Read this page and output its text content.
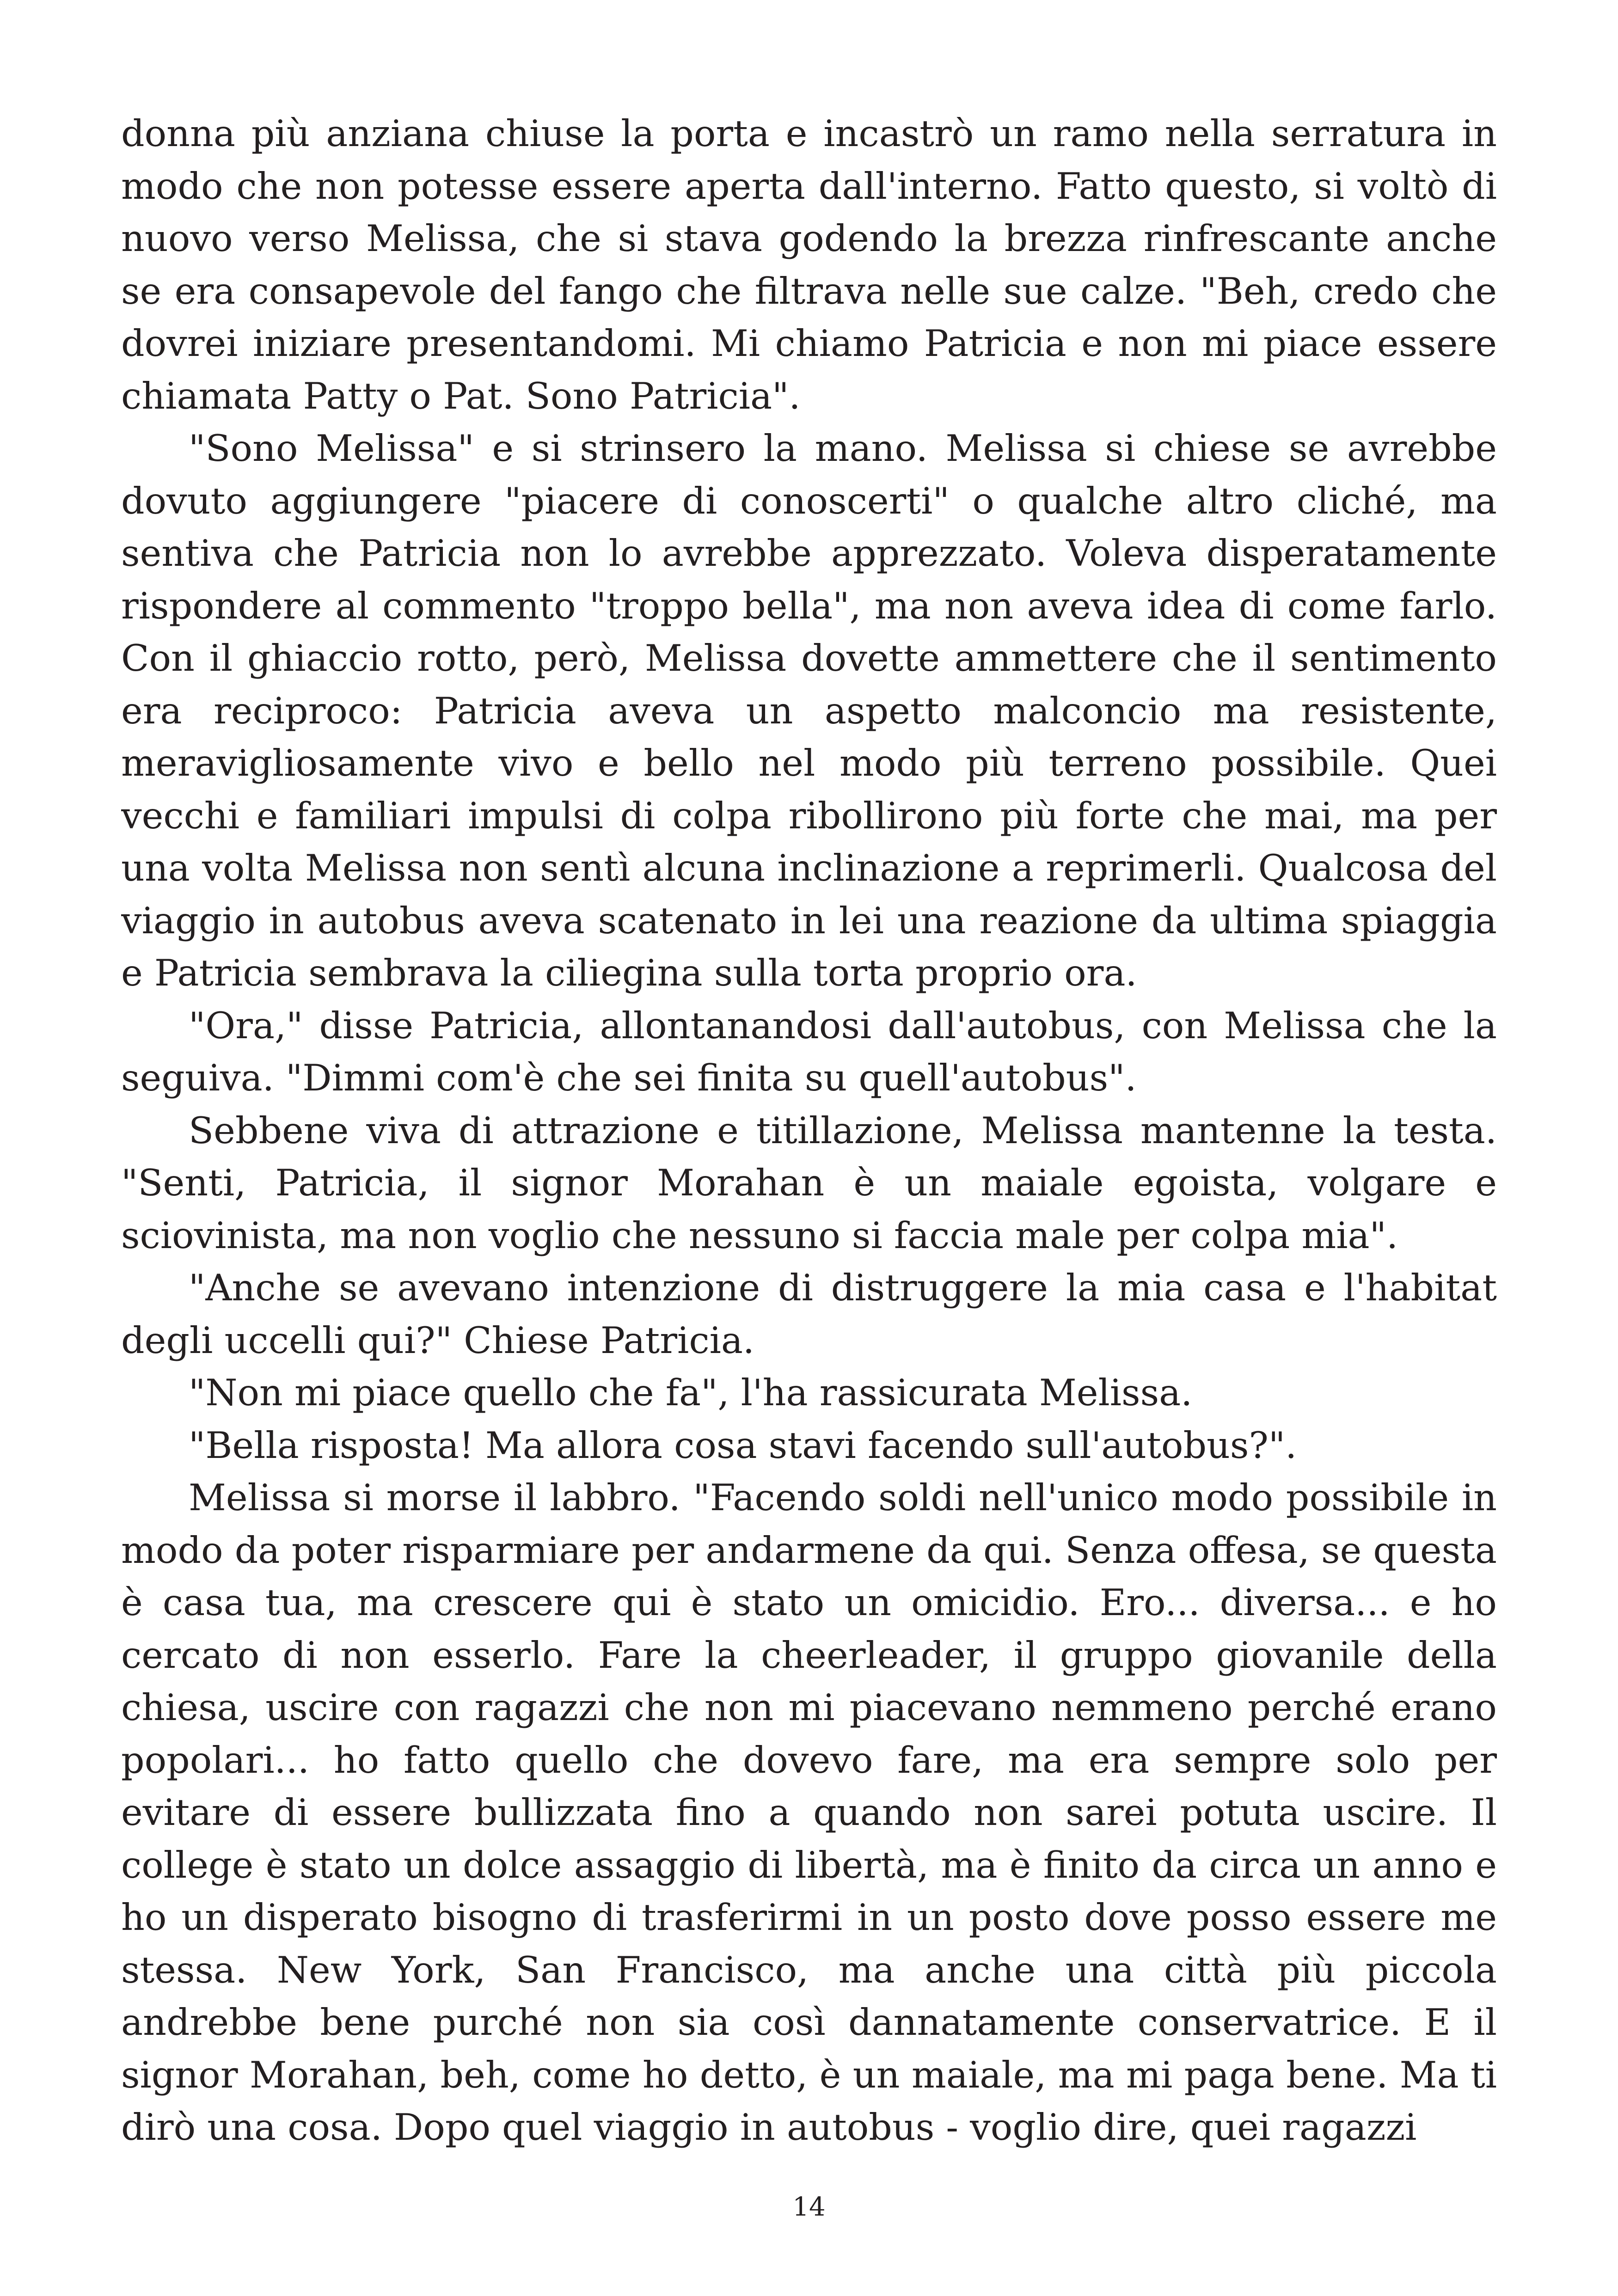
donna più anziana chiuse la porta e incastrò un ramo nella serratura in modo che non potesse essere aperta dall'interno. Fatto questo, si voltò di nuovo verso Melissa, che si stava godendo la brezza rinfrescante anche se era consapevole del fango che filtrava nelle sue calze. "Beh, credo che dovrei iniziare presentandomi. Mi chiamo Patricia e non mi piace essere chiamata Patty o Pat. Sono Patricia".

"Sono Melissa" e si strinsero la mano. Melissa si chiese se avrebbe dovuto aggiungere "piacere di conoscerti" o qualche altro cliché, ma sentiva che Patricia non lo avrebbe apprezzato. Voleva disperatamente rispondere al commento "troppo bella", ma non aveva idea di come farlo. Con il ghiaccio rotto, però, Melissa dovette ammettere che il sentimento era reciproco: Patricia aveva un aspetto malconcio ma resistente, meravigliosamente vivo e bello nel modo più terreno possibile. Quei vecchi e familiari impulsi di colpa ribollirono più forte che mai, ma per una volta Melissa non sentì alcuna inclinazione a reprimerli. Qualcosa del viaggio in autobus aveva scatenato in lei una reazione da ultima spiaggia e Patricia sembrava la ciliegina sulla torta proprio ora.

"Ora," disse Patricia, allontanandosi dall'autobus, con Melissa che la seguiva. "Dimmi com'è che sei finita su quell'autobus".

Sebbene viva di attrazione e titillazione, Melissa mantenne la testa. "Senti, Patricia, il signor Morahan è un maiale egoista, volgare e sciovinista, ma non voglio che nessuno si faccia male per colpa mia".

"Anche se avevano intenzione di distruggere la mia casa e l'habitat degli uccelli qui?" Chiese Patricia.

"Non mi piace quello che fa", l'ha rassicurata Melissa.

"Bella risposta! Ma allora cosa stavi facendo sull'autobus?".

Melissa si morse il labbro. "Facendo soldi nell'unico modo possibile in modo da poter risparmiare per andarmene da qui. Senza offesa, se questa è casa tua, ma crescere qui è stato un omicidio. Ero... diversa... e ho cercato di non esserlo. Fare la cheerleader, il gruppo giovanile della chiesa, uscire con ragazzi che non mi piacevano nemmeno perché erano popolari... ho fatto quello che dovevo fare, ma era sempre solo per evitare di essere bullizzata fino a quando non sarei potuta uscire. Il college è stato un dolce assaggio di libertà, ma è finito da circa un anno e ho un disperato bisogno di trasferirmi in un posto dove posso essere me stessa. New York, San Francisco, ma anche una città più piccola andrebbe bene purché non sia così dannatamente conservatrice. E il signor Morahan, beh, come ho detto, è un maiale, ma mi paga bene. Ma ti dirò una cosa. Dopo quel viaggio in autobus - voglio dire, quei ragazzi

14
